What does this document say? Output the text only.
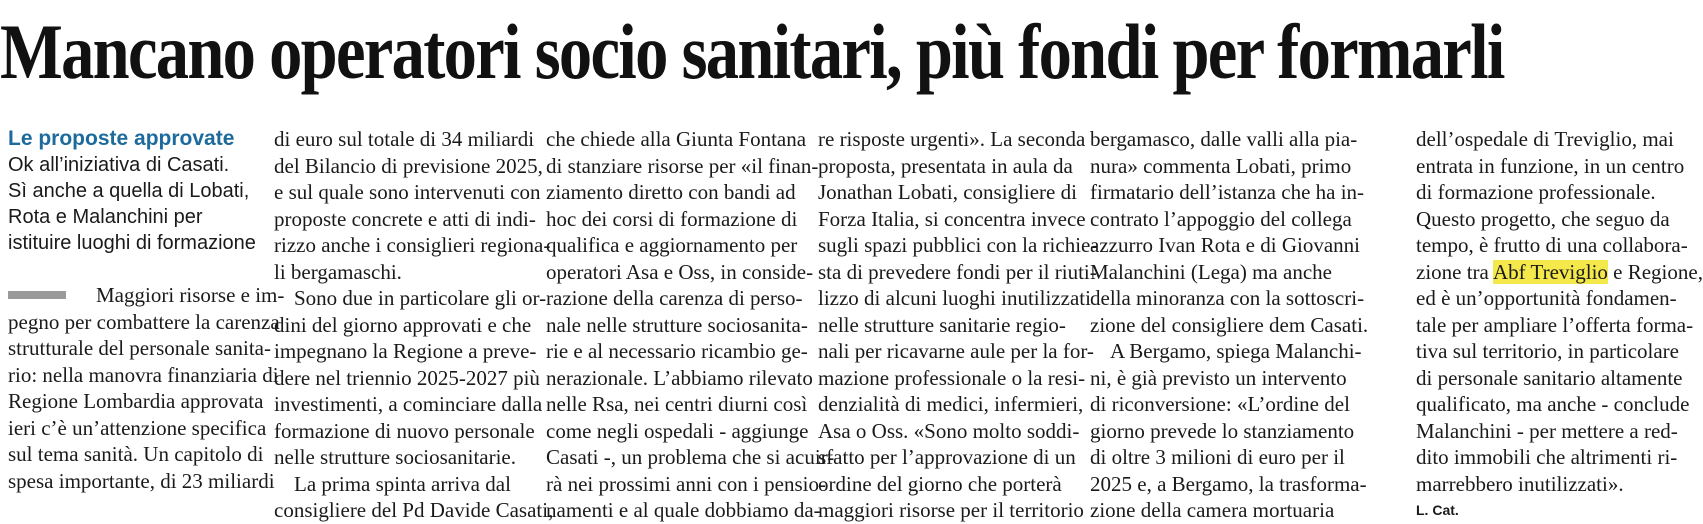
Mancano operatori socio sanitari, più fondi per formarli
Le proposte approvate
Ok all’iniziativa di Casati.
Sì anche a quella di Lobati,
Rota e Malanchini per
istituire luoghi di formazione
Maggiori risorse e im-
pegno per combattere la carenza
strutturale del personale sanita-
rio: nella manovra finanziaria di
Regione Lombardia approvata
ieri c’è un’attenzione specifica
sul tema sanità. Un capitolo di
spesa importante, di 23 miliardi
di euro sul totale di 34 miliardi
del Bilancio di previsione 2025,
e sul quale sono intervenuti con
proposte concrete e atti di indi-
rizzo anche i consiglieri regiona-
li bergamaschi.
Sono due in particolare gli or-
dini del giorno approvati e che
impegnano la Regione a preve-
dere nel triennio 2025-2027 più
investimenti, a cominciare dalla
formazione di nuovo personale
nelle strutture sociosanitarie.
La prima spinta arriva dal
consigliere del Pd Davide Casati,
che chiede alla Giunta Fontana
di stanziare risorse per «il finan-
ziamento diretto con bandi ad
hoc dei corsi di formazione di
qualifica e aggiornamento per
operatori Asa e Oss, in conside-
razione della carenza di perso-
nale nelle strutture sociosanita-
rie e al necessario ricambio ge-
nerazionale. L’abbiamo rilevato
nelle Rsa, nei centri diurni così
come negli ospedali - aggiunge
Casati -, un problema che si acuir-
rà nei prossimi anni con i pensio-
namenti e al quale dobbiamo da-
re risposte urgenti». La seconda
proposta, presentata in aula da
Jonathan Lobati, consigliere di
Forza Italia, si concentra invece
sugli spazi pubblici con la richie-
sta di prevedere fondi per il riuti-
lizzo di alcuni luoghi inutilizzati
nelle strutture sanitarie regio-
nali per ricavarne aule per la for-
mazione professionale o la resi-
denzialità di medici, infermieri,
Asa o Oss. «Sono molto soddi-
sfatto per l’approvazione di un
ordine del giorno che porterà
maggiori risorse per il territorio
bergamasco, dalle valli alla pia-
nura» commenta Lobati, primo
firmatario dell’istanza che ha in-
contrato l’appoggio del collega
azzurro Ivan Rota e di Giovanni
Malanchini (Lega) ma anche
della minoranza con la sottoscri-
zione del consigliere dem Casati.
A Bergamo, spiega Malanchi-
ni, è già previsto un intervento
di riconversione: «L’ordine del
giorno prevede lo stanziamento
di oltre 3 milioni di euro per il
2025 e, a Bergamo, la trasforma-
zione della camera mortuaria
dell’ospedale di Treviglio, mai
entrata in funzione, in un centro
di formazione professionale.
Questo progetto, che seguo da
tempo, è frutto di una collabora-
zione tra Abf Treviglio e Regione,
ed è un’opportunità fondamen-
tale per ampliare l’offerta forma-
tiva sul territorio, in particolare
di personale sanitario altamente
qualificato, ma anche - conclude
Malanchini - per mettere a red-
dito immobili che altrimenti ri-
marrebbero inutilizzati».
L. Cat.
